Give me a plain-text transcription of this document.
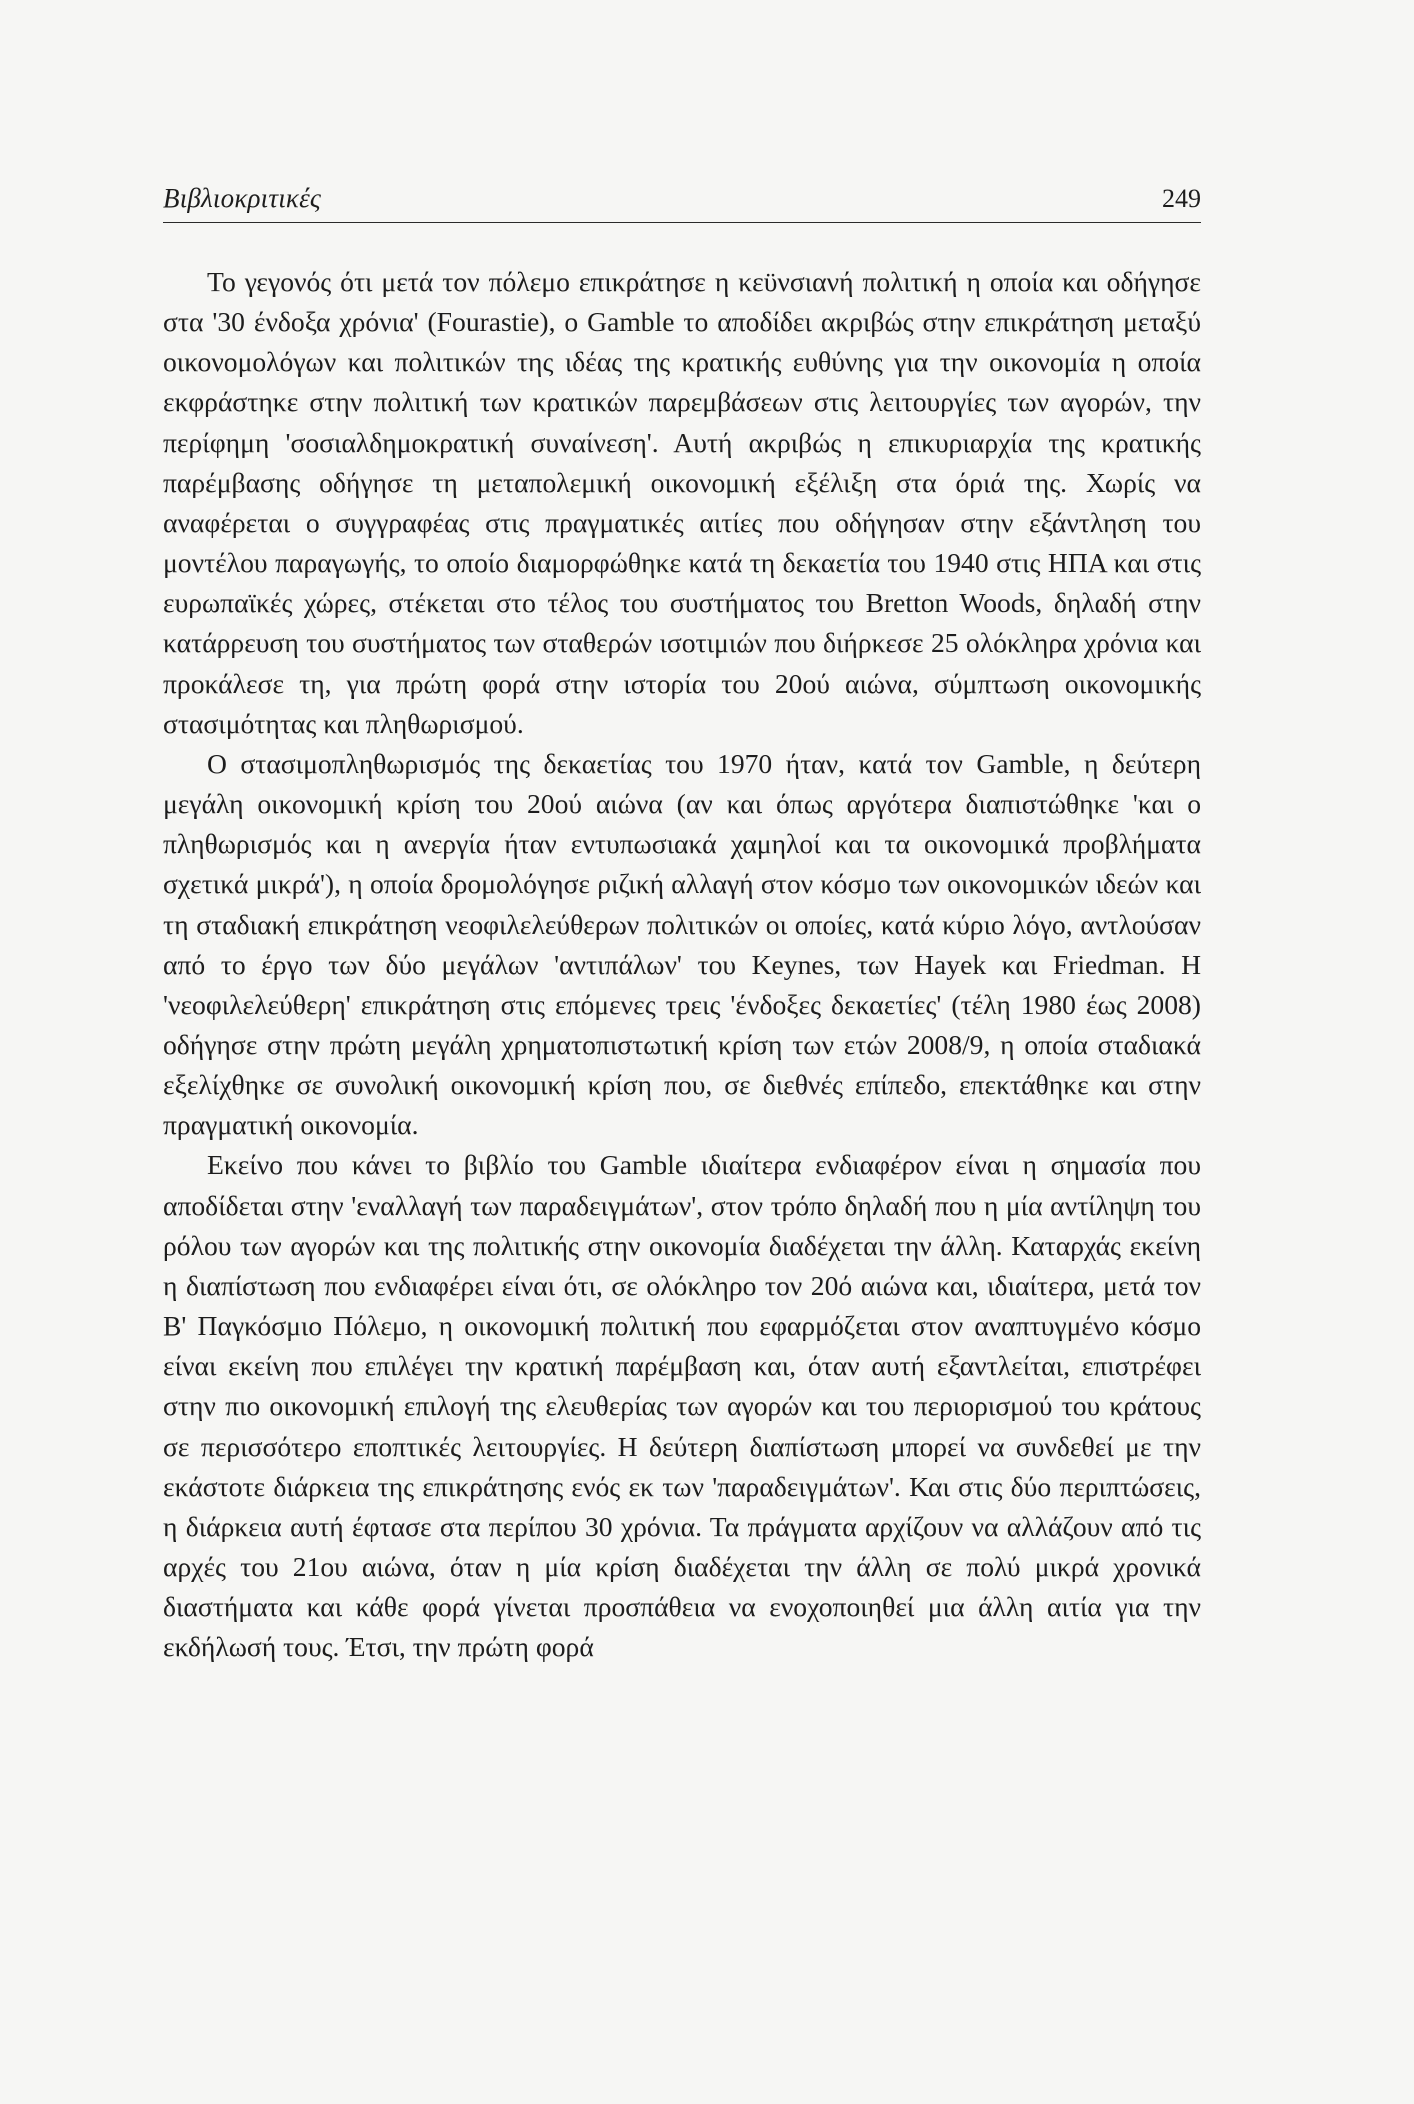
Βιβλιοκριτικές	249

Το γεγονός ότι μετά τον πόλεμο επικράτησε η κεϋνσιανή πολιτική η οποία και οδήγησε στα '30 ένδοξα χρόνια' (Fourastie), ο Gamble το αποδίδει ακριβώς στην επικράτηση μεταξύ οικονομολόγων και πολιτικών της ιδέας της κρατικής ευθύνης για την οικονομία η οποία εκφράστηκε στην πολιτική των κρατικών παρεμβάσεων στις λειτουργίες των αγορών, την περίφημη 'σοσιαλδημοκρατική συναίνεση'. Αυτή ακριβώς η επικυριαρχία της κρατικής παρέμβασης οδήγησε τη μεταπολεμική οικονομική εξέλιξη στα όριά της. Χωρίς να αναφέρεται ο συγγραφέας στις πραγματικές αιτίες που οδήγησαν στην εξάντληση του μοντέλου παραγωγής, το οποίο διαμορφώθηκε κατά τη δεκαετία του 1940 στις ΗΠΑ και στις ευρωπαϊκές χώρες, στέκεται στο τέλος του συστήματος του Bretton Woods, δηλαδή στην κατάρρευση του συστήματος των σταθερών ισοτιμιών που διήρκεσε 25 ολόκληρα χρόνια και προκάλεσε τη, για πρώτη φορά στην ιστορία του 20ού αιώνα, σύμπτωση οικονομικής στασιμότητας και πληθωρισμού.

Ο στασιμοπληθωρισμός της δεκαετίας του 1970 ήταν, κατά τον Gamble, η δεύτερη μεγάλη οικονομική κρίση του 20ού αιώνα (αν και όπως αργότερα διαπιστώθηκε 'και ο πληθωρισμός και η ανεργία ήταν εντυπωσιακά χαμηλοί και τα οικονομικά προβλήματα σχετικά μικρά'), η οποία δρομολόγησε ριζική αλλαγή στον κόσμο των οικονομικών ιδεών και τη σταδιακή επικράτηση νεοφιλελεύθερων πολιτικών οι οποίες, κατά κύριο λόγο, αντλούσαν από το έργο των δύο μεγάλων 'αντιπάλων' του Keynes, των Hayek και Friedman. Η 'νεοφιλελεύθερη' επικράτηση στις επόμενες τρεις 'ένδοξες δεκαετίες' (τέλη 1980 έως 2008) οδήγησε στην πρώτη μεγάλη χρηματοπιστωτική κρίση των ετών 2008/9, η οποία σταδιακά εξελίχθηκε σε συνολική οικονομική κρίση που, σε διεθνές επίπεδο, επεκτάθηκε και στην πραγματική οικονομία.

Εκείνο που κάνει το βιβλίο του Gamble ιδιαίτερα ενδιαφέρον είναι η σημασία που αποδίδεται στην 'εναλλαγή των παραδειγμάτων', στον τρόπο δηλαδή που η μία αντίληψη του ρόλου των αγορών και της πολιτικής στην οικονομία διαδέχεται την άλλη. Καταρχάς εκείνη η διαπίστωση που ενδιαφέρει είναι ότι, σε ολόκληρο τον 20ό αιώνα και, ιδιαίτερα, μετά τον Β' Παγκόσμιο Πόλεμο, η οικονομική πολιτική που εφαρμόζεται στον αναπτυγμένο κόσμο είναι εκείνη που επιλέγει την κρατική παρέμβαση και, όταν αυτή εξαντλείται, επιστρέφει στην πιο οικονομική επιλογή της ελευθερίας των αγορών και του περιορισμού του κράτους σε περισσότερο εποπτικές λειτουργίες. Η δεύτερη διαπίστωση μπορεί να συνδεθεί με την εκάστοτε διάρκεια της επικράτησης ενός εκ των 'παραδειγμάτων'. Και στις δύο περιπτώσεις, η διάρκεια αυτή έφτασε στα περίπου 30 χρόνια. Τα πράγματα αρχίζουν να αλλάζουν από τις αρχές του 21ου αιώνα, όταν η μία κρίση διαδέχεται την άλλη σε πολύ μικρά χρονικά διαστήματα και κάθε φορά γίνεται προσπάθεια να ενοχοποιηθεί μια άλλη αιτία για την εκδήλωσή τους. Έτσι, την πρώτη φορά
